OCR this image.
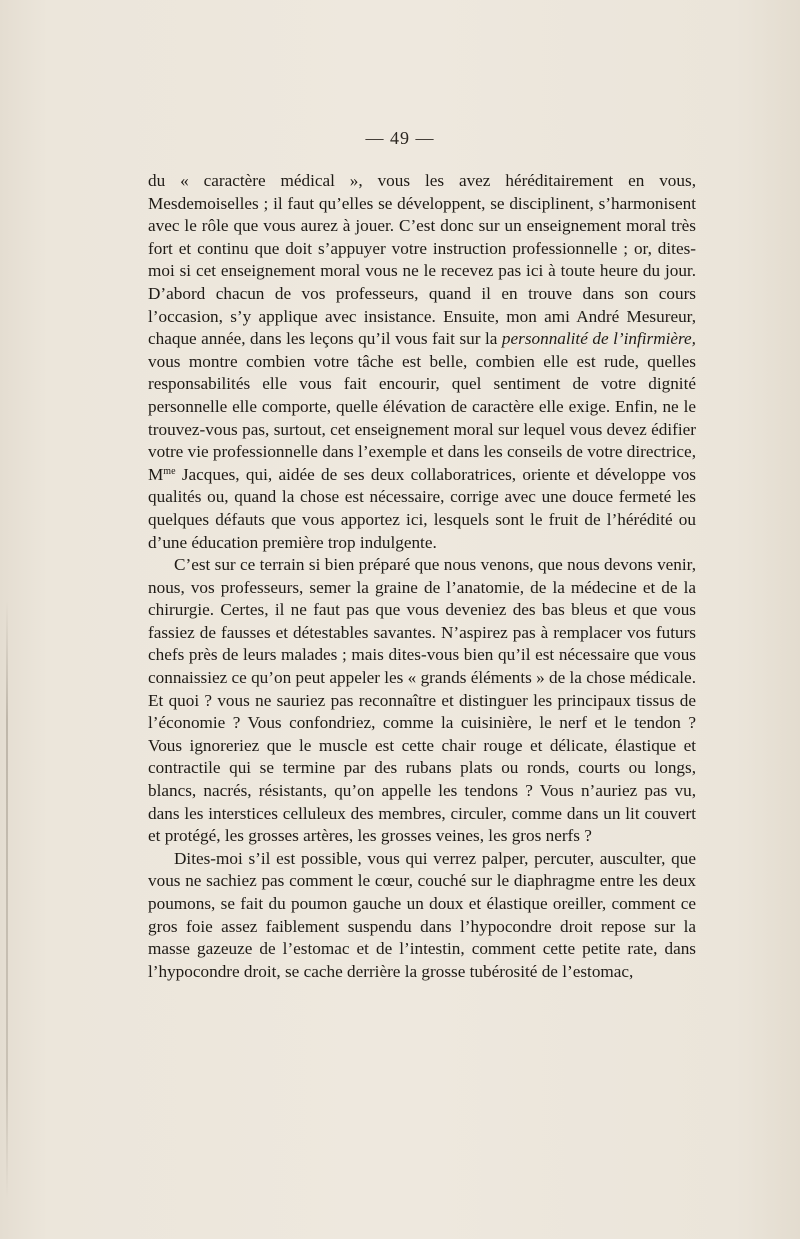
— 49 —

du « caractère médical », vous les avez héréditairement en vous, Mesdemoiselles ; il faut qu’elles se développent, se disciplinent, s’harmonisent avec le rôle que vous aurez à jouer. C’est donc sur un enseignement moral très fort et continu que doit s’appuyer votre instruction professionnelle ; or, dites-moi si cet enseignement moral vous ne le recevez pas ici à toute heure du jour. D’abord chacun de vos professeurs, quand il en trouve dans son cours l’occasion, s’y applique avec insistance. Ensuite, mon ami André Mesureur, chaque année, dans les leçons qu’il vous fait sur la personnalité de l’infirmière, vous montre combien votre tâche est belle, combien elle est rude, quelles responsabilités elle vous fait encourir, quel sentiment de votre dignité personnelle elle comporte, quelle élévation de caractère elle exige. Enfin, ne le trouvez-vous pas, surtout, cet enseignement moral sur lequel vous devez édifier votre vie professionnelle dans l’exemple et dans les conseils de votre directrice, $M^{me}$ Jacques, qui, aidée de ses deux collaboratrices, oriente et développe vos qualités ou, quand la chose est nécessaire, corrige avec une douce fermeté les quelques défauts que vous apportez ici, lesquels sont le fruit de l’hérédité ou d’une éducation première trop indulgente.

C’est sur ce terrain si bien préparé que nous venons, que nous devons venir, nous, vos professeurs, semer la graine de l’anatomie, de la médecine et de la chirurgie. Certes, il ne faut pas que vous deveniez des bas bleus et que vous fassiez de fausses et détestables savantes. N’aspirez pas à remplacer vos futurs chefs près de leurs malades ; mais dites-vous bien qu’il est nécessaire que vous connaissiez ce qu’on peut appeler les « grands éléments » de la chose médicale. Et quoi ? vous ne sauriez pas reconnaître et distinguer les principaux tissus de l’économie ? Vous confondriez, comme la cuisinière, le nerf et le tendon ? Vous ignoreriez que le muscle est cette chair rouge et délicate, élastique et contractile qui se termine par des rubans plats ou ronds, courts ou longs, blancs, nacrés, résistants, qu’on appelle les tendons ? Vous n’auriez pas vu, dans les interstices celluleux des membres, circuler, comme dans un lit couvert et protégé, les grosses artères, les grosses veines, les gros nerfs ?

Dites-moi s’il est possible, vous qui verrez palper, percuter, ausculter, que vous ne sachiez pas comment le cœur, couché sur le diaphragme entre les deux poumons, se fait du poumon gauche un doux et élastique oreiller, comment ce gros foie assez faiblement suspendu dans l’hypocondre droit repose sur la masse gazeuze de l’estomac et de l’intestin, comment cette petite rate, dans l’hypocondre droit, se cache derrière la grosse tubérosité de l’estomac,
